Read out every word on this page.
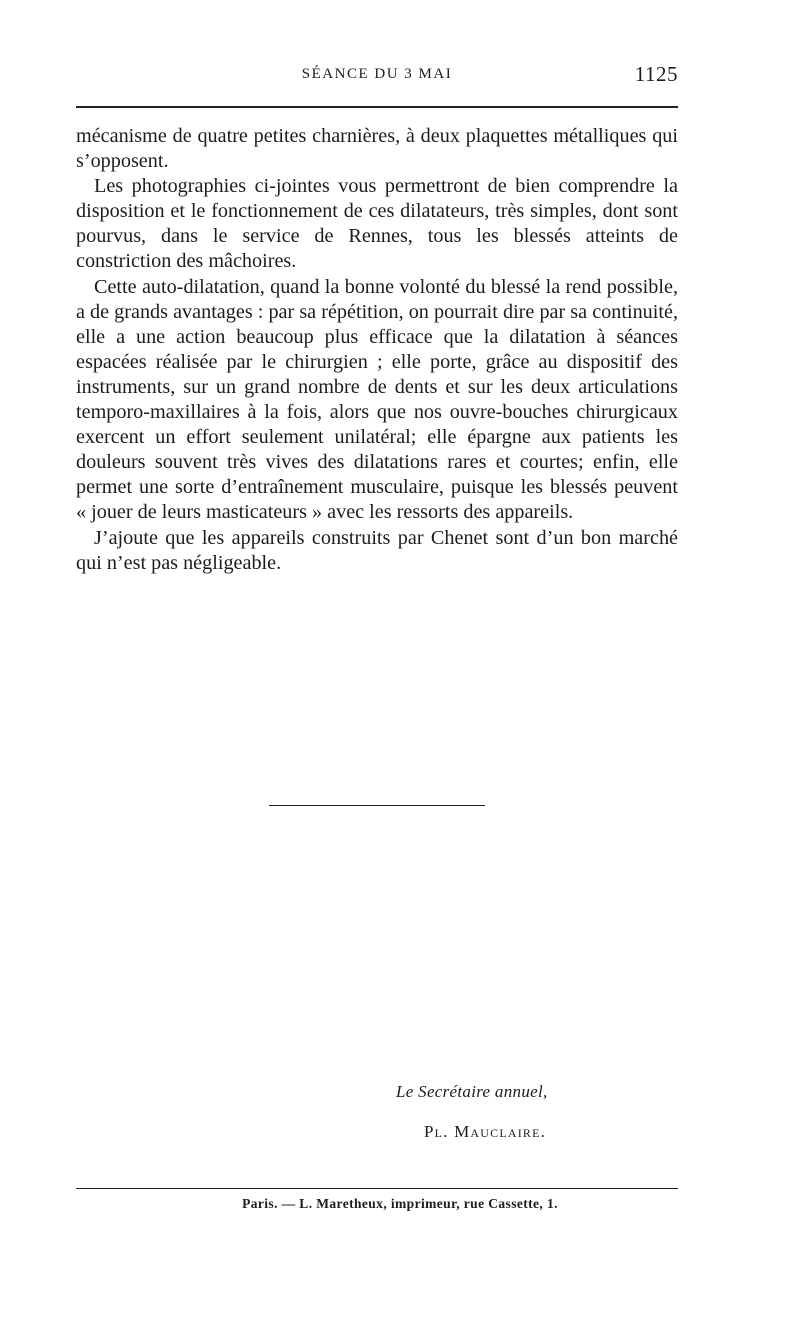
SÉANCE DU 3 MAI	1125

mécanisme de quatre petites charnières, à deux plaquettes métalliques qui s’opposent.

Les photographies ci-jointes vous permettront de bien comprendre la disposition et le fonctionnement de ces dilatateurs, très simples, dont sont pourvus, dans le service de Rennes, tous les blessés atteints de constriction des mâchoires.

Cette auto-dilatation, quand la bonne volonté du blessé la rend possible, a de grands avantages : par sa répétition, on pourrait dire par sa continuité, elle a une action beaucoup plus efficace que la dilatation à séances espacées réalisée par le chirurgien ; elle porte, grâce au dispositif des instruments, sur un grand nombre de dents et sur les deux articulations temporo-maxillaires à la fois, alors que nos ouvre-bouches chirurgicaux exercent un effort seulement unilatéral; elle épargne aux patients les douleurs souvent très vives des dilatations rares et courtes; enfin, elle permet une sorte d’entraînement musculaire, puisque les blessés peuvent « jouer de leurs masticateurs » avec les ressorts des appareils.

J’ajoute que les appareils construits par Chenet sont d’un bon marché qui n’est pas négligeable.

Le Secrétaire annuel,
Pl. Mauclaire.
Paris. — L. Maretheux, imprimeur, rue Cassette, 1.
